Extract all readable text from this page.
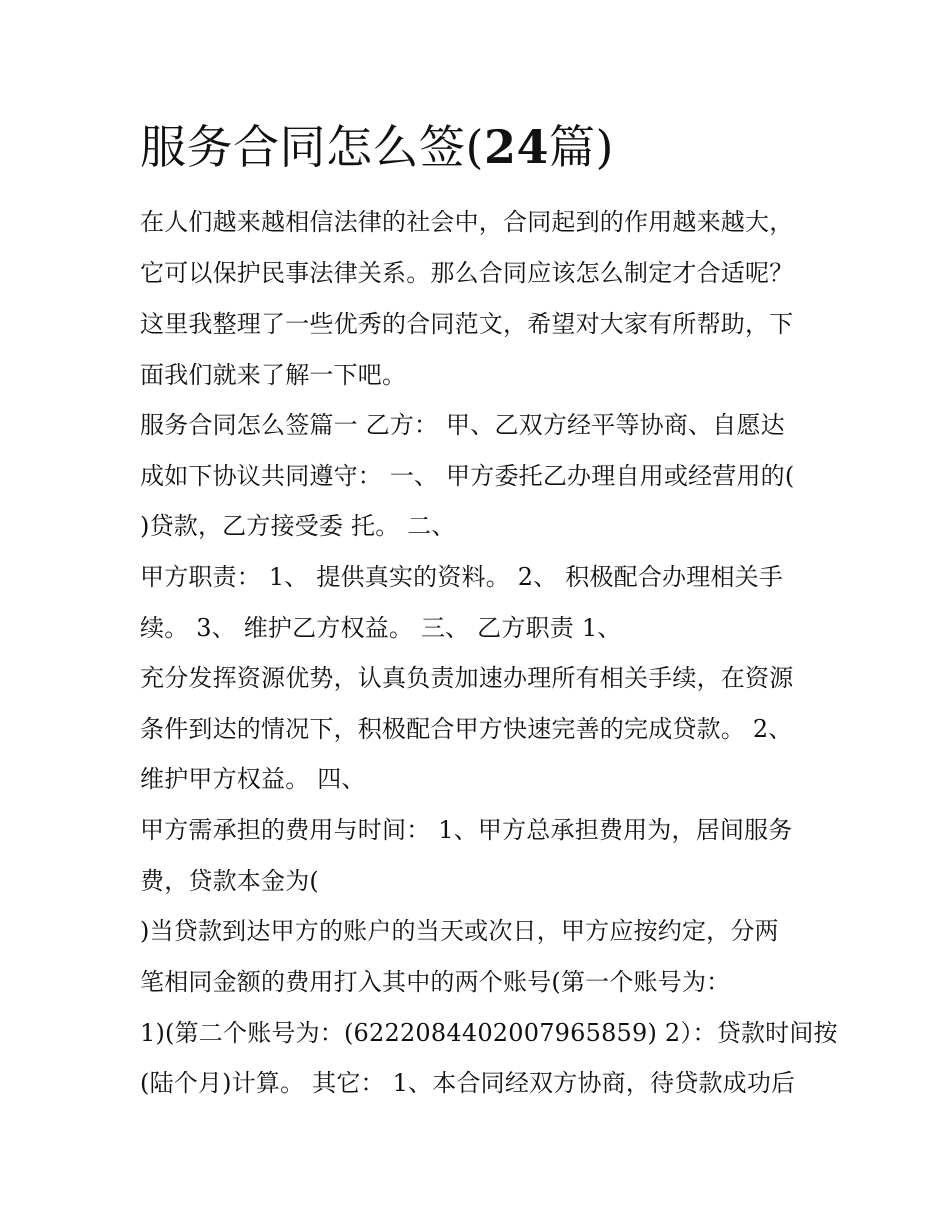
服务合同怎么签(24篇)

在人们越来越相信法律的社会中，合同起到的作用越来越大，

它可以保护民事法律关系。那么合同应该怎么制定才合适呢？

这里我整理了一些优秀的合同范文，希望对大家有所帮助，下

面我们就来了解一下吧。

服务合同怎么签篇一 乙方： 甲、乙双方经平等协商、自愿达

成如下协议共同遵守： 一、 甲方委托乙办理自用或经营用的(

)贷款，乙方接受委 托。 二、

甲方职责： 1、 提供真实的资料。 2、 积极配合办理相关手

续。 3、 维护乙方权益。 三、 乙方职责 1、

充分发挥资源优势，认真负责加速办理所有相关手续，在资源

条件到达的情况下，积极配合甲方快速完善的完成贷款。 2、

维护甲方权益。 四、

甲方需承担的费用与时间： 1、甲方总承担费用为，居间服务

费，贷款本金为(

)当贷款到达甲方的账户的当天或次日，甲方应按约定，分两

笔相同金额的费用打入其中的两个账号(第一个账号为：

1)(第二个账号为：(6222084402007965859) 2）：贷款时间按

(陆个月)计算。 其它： 1、本合同经双方协商，待贷款成功后
